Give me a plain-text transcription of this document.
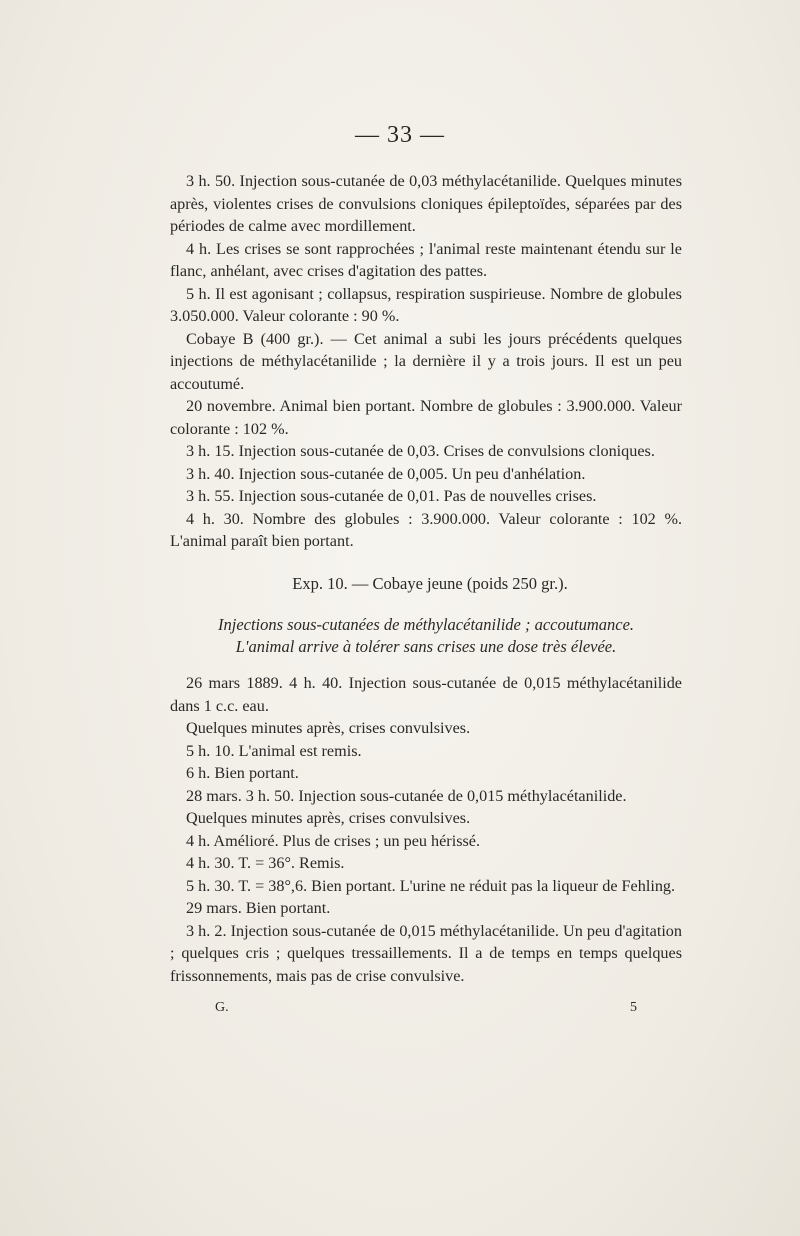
— 33 —

3 h. 50. Injection sous-cutanée de 0,03 méthylacétanilide. Quelques minutes après, violentes crises de convulsions cloniques épileptoïdes, séparées par des périodes de calme avec mordillement.

4 h. Les crises se sont rapprochées ; l'animal reste maintenant étendu sur le flanc, anhélant, avec crises d'agitation des pattes.

5 h. Il est agonisant ; collapsus, respiration suspirieuse. Nombre de globules 3.050.000. Valeur colorante : 90 %.

Cobaye B (400 gr.). — Cet animal a subi les jours précédents quelques injections de méthylacétanilide ; la dernière il y a trois jours. Il est un peu accoutumé.

20 novembre. Animal bien portant. Nombre de globules : 3.900.000. Valeur colorante : 102 %.

3 h. 15. Injection sous-cutanée de 0,03. Crises de convulsions cloniques.

3 h. 40. Injection sous-cutanée de 0,005. Un peu d'anhélation.

3 h. 55. Injection sous-cutanée de 0,01. Pas de nouvelles crises.

4 h. 30. Nombre des globules : 3.900.000. Valeur colorante : 102 %. L'animal paraît bien portant.

Exp. 10. — Cobaye jeune (poids 250 gr.).
Injections sous-cutanées de méthylacétanilide ; accoutumance.
L'animal arrive à tolérer sans crises une dose très élevée.

26 mars 1889. 4 h. 40. Injection sous-cutanée de 0,015 méthylacétanilide dans 1 c.c. eau.

Quelques minutes après, crises convulsives.

5 h. 10. L'animal est remis.

6 h. Bien portant.

28 mars. 3 h. 50. Injection sous-cutanée de 0,015 méthylacétanilide.

Quelques minutes après, crises convulsives.

4 h. Amélioré. Plus de crises ; un peu hérissé.

4 h. 30. T. = 36°. Remis.

5 h. 30. T. = 38°,6. Bien portant. L'urine ne réduit pas la liqueur de Fehling.

29 mars. Bien portant.

3 h. 2. Injection sous-cutanée de 0,015 méthylacétanilide. Un peu d'agitation ; quelques cris ; quelques tressaillements. Il a de temps en temps quelques frissonnements, mais pas de crise convulsive.

G.	5
